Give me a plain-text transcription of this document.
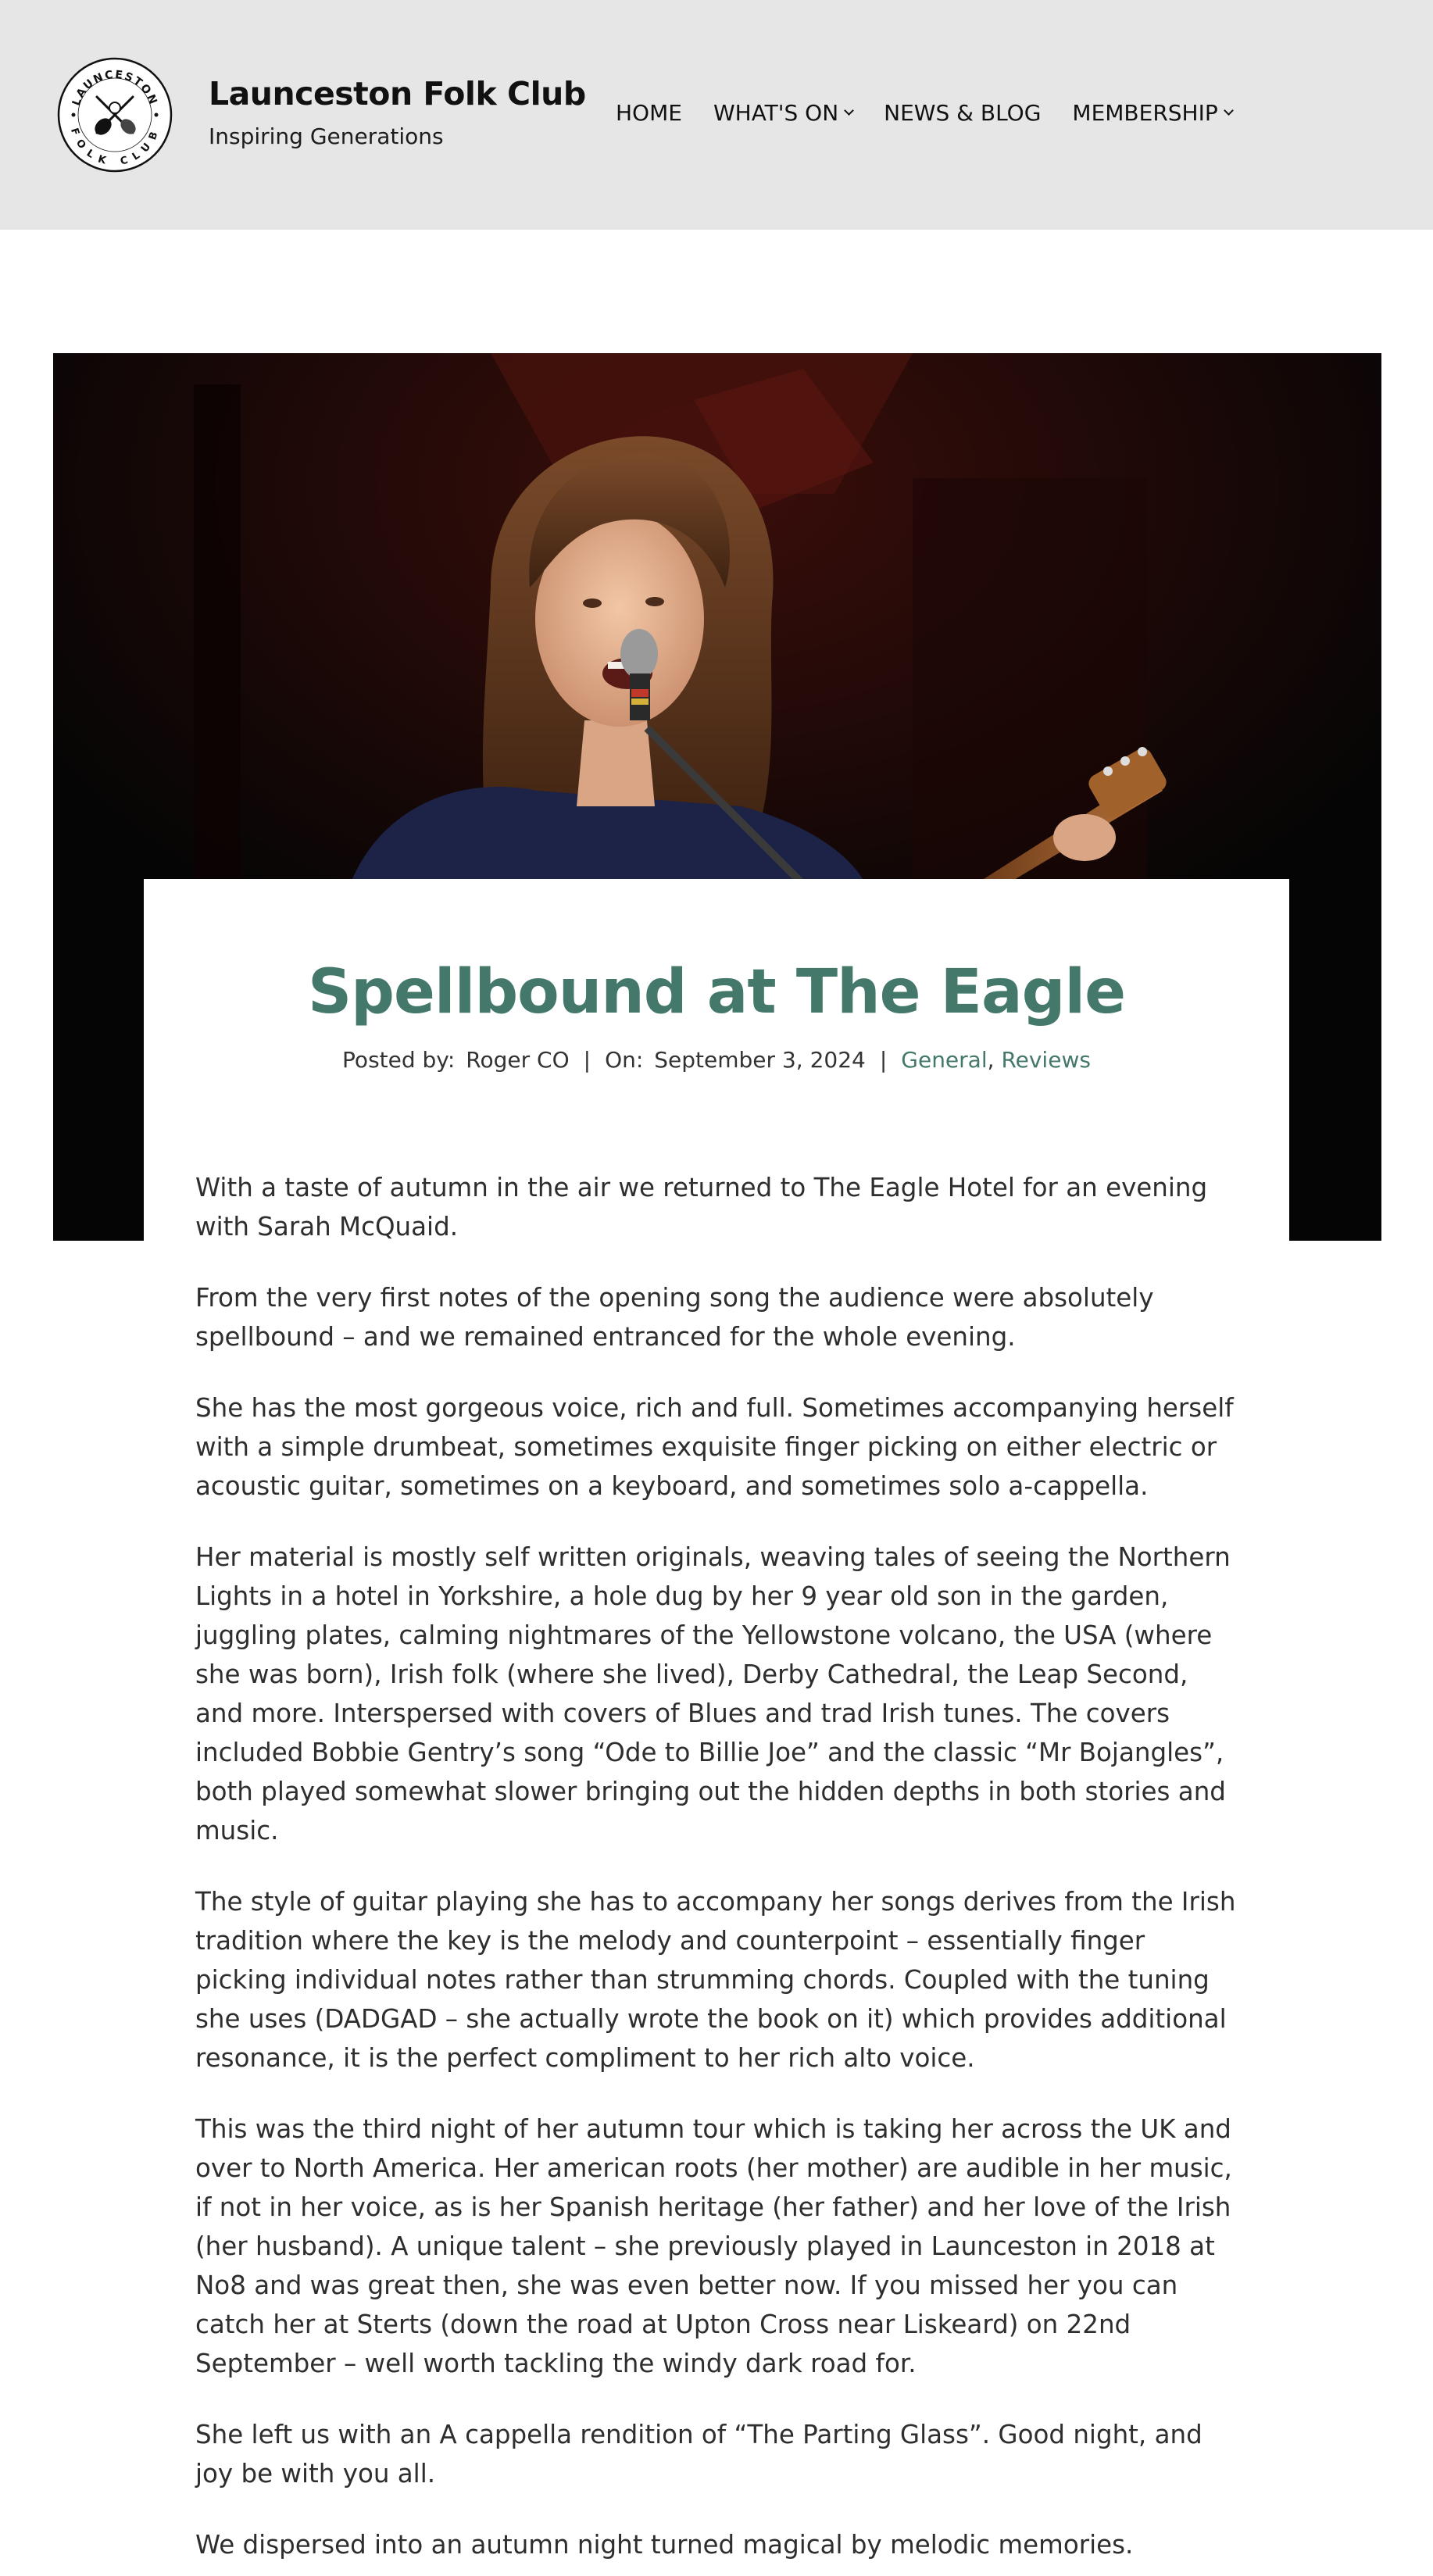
LAUNCESTON
FOLK CLUB
Launceston Folk Club
Inspiring Generations
HOME WHAT'S ON NEWS & BLOG MEMBERSHIP
Spellbound at The Eagle
Posted by: Roger CO | On: September 3, 2024 | General, Reviews

With a taste of autumn in the air we returned to The Eagle Hotel for an evening with Sarah McQuaid.

From the very first notes of the opening song the audience were absolutely spellbound – and we remained entranced for the whole evening.

She has the most gorgeous voice, rich and full. Sometimes accompanying herself with a simple drumbeat, sometimes exquisite finger picking on either electric or acoustic guitar, sometimes on a keyboard, and sometimes solo a-cappella.

Her material is mostly self written originals, weaving tales of seeing the Northern Lights in a hotel in Yorkshire, a hole dug by her 9 year old son in the garden, juggling plates, calming nightmares of the Yellowstone volcano, the USA (where she was born), Irish folk (where she lived), Derby Cathedral, the Leap Second, and more. Interspersed with covers of Blues and trad Irish tunes. The covers included Bobbie Gentry’s song “Ode to Billie Joe” and the classic “Mr Bojangles”, both played somewhat slower bringing out the hidden depths in both stories and music.

The style of guitar playing she has to accompany her songs derives from the Irish tradition where the key is the melody and counterpoint – essentially finger picking individual notes rather than strumming chords. Coupled with the tuning she uses (DADGAD – she actually wrote the book on it) which provides additional resonance, it is the perfect compliment to her rich alto voice.

This was the third night of her autumn tour which is taking her across the UK and over to North America. Her american roots (her mother) are audible in her music, if not in her voice, as is her Spanish heritage (her father) and her love of the Irish (her husband). A unique talent – she previously played in Launceston in 2018 at No8 and was great then, she was even better now. If you missed her you can catch her at Sterts (down the road at Upton Cross near Liskeard) on 22nd September – well worth tackling the windy dark road for.

She left us with an A cappella rendition of “The Parting Glass”. Good night, and joy be with you all.

We dispersed into an autumn night turned magical by melodic memories.
